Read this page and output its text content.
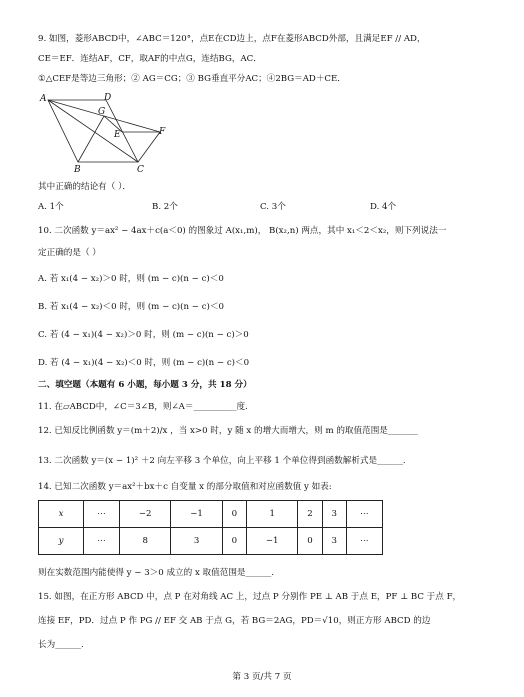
9. 如图，菱形ABCD中，∠ABC＝120°，点E在CD边上，点F在菱形ABCD外部，且满足EF // AD，
CE＝EF．连结AF，CF，取AF的中点G，连结BG，AC．
①△CEF是等边三角形；② AG＝CG；③ BG垂直平分AC；④2BG＝AD＋CE．
A	D
G
E	F
B	C
其中正确的结论有（ ）．
A. 1个	B. 2个	C. 3个	D. 4个
10. 二次函数 y＝ax² − 4ax＋c(a＜0) 的图象过 A(x₁,m)， B(x₂,n) 两点，其中 x₁＜2＜x₂，则下列说法一
定正确的是（ ）
A. 若 x₁(4 − x₂)＞0 时，则 (m − c)(n − c)＜0
B. 若 x₁(4 − x₂)＜0 时，则 (m − c)(n − c)＜0
C. 若 (4 − x₁)(4 − x₂)＞0 时，则 (m − c)(n − c)＞0
D. 若 (4 − x₁)(4 − x₂)＜0 时，则 (m − c)(n − c)＜0
二、填空题（本题有 6 小题，每小题 3 分，共 18 分）
11. 在▱ABCD中，∠C＝3∠B，则∠A＝__________度.
12. 已知反比例函数 y＝(m＋2)/x ，当 x>0 时，y 随 x 的增大而增大，则 m 的取值范围是_______
13. 二次函数 y＝(x − 1)² ＋2 向左平移 3 个单位，向上平移 1 个单位得到函数解析式是______.
14. 已知二次函数 y＝ax²＋bx＋c 自变量 x 的部分取值和对应函数值 y 如表:
x	⋯	−2	−1	0	1	2	3	⋯
y	⋯	8	3	0	−1	0	3	⋯
则在实数范围内能使得 y − 3＞0 成立的 x 取值范围是______.
15. 如图，在正方形 ABCD 中，点 P 在对角线 AC 上，过点 P 分别作 PE ⊥ AB 于点 E，PF ⊥ BC 于点 F，
连接 EF，PD．过点 P 作 PG // EF 交 AB 于点 G，若 BG＝2AG，PD＝√10，则正方形 ABCD 的边
长为______.
第 3 页/共 7 页
